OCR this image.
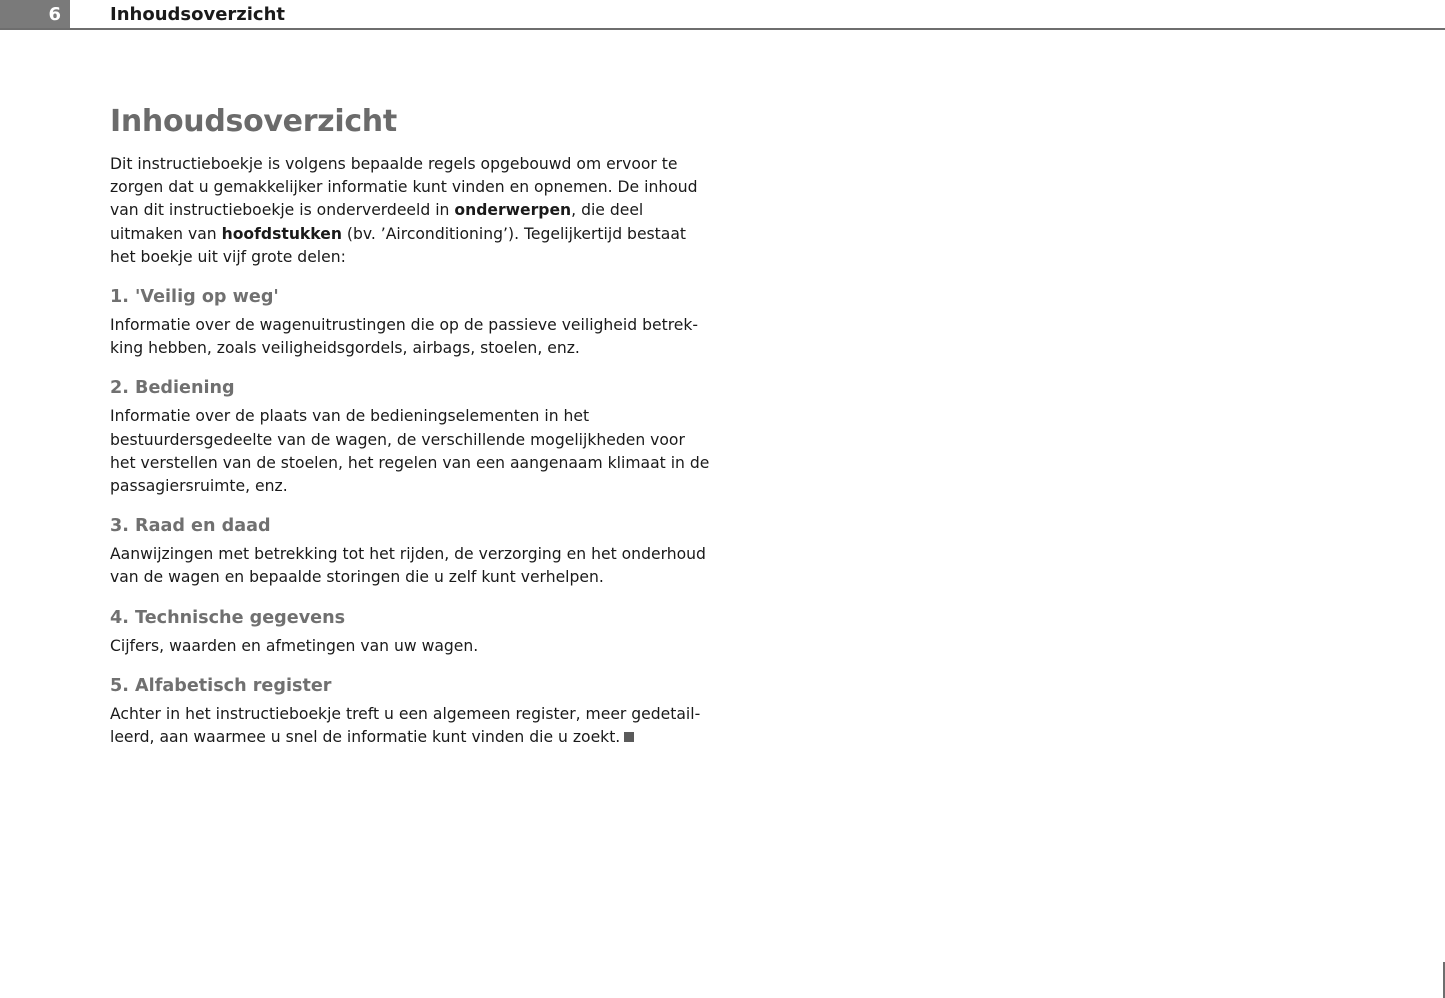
6	Inhoudsoverzicht
Inhoudsoverzicht

Dit instructieboekje is volgens bepaalde regels opgebouwd om ervoor te zorgen dat u gemakkelijker informatie kunt vinden en opnemen. De inhoud van dit instructieboekje is onderverdeeld in onderwerpen, die deel uitmaken van hoofdstukken (bv. ’Airconditioning’). Tegelijkertijd bestaat het boekje uit vijf grote delen:

1. 'Veilig op weg'

Informatie over de wagenuitrustingen die op de passieve veiligheid betrekking hebben, zoals veiligheidsgordels, airbags, stoelen, enz.

2. Bediening

Informatie over de plaats van de bedieningselementen in het bestuurdersgedeelte van de wagen, de verschillende mogelijkheden voor het verstellen van de stoelen, het regelen van een aangenaam klimaat in de passagiersruimte, enz.

3. Raad en daad

Aanwijzingen met betrekking tot het rijden, de verzorging en het onderhoud van de wagen en bepaalde storingen die u zelf kunt verhelpen.

4. Technische gegevens

Cijfers, waarden en afmetingen van uw wagen.

5. Alfabetisch register

Achter in het instructieboekje treft u een algemeen register, meer gedetailleerd, aan waarmee u snel de informatie kunt vinden die u zoekt.
